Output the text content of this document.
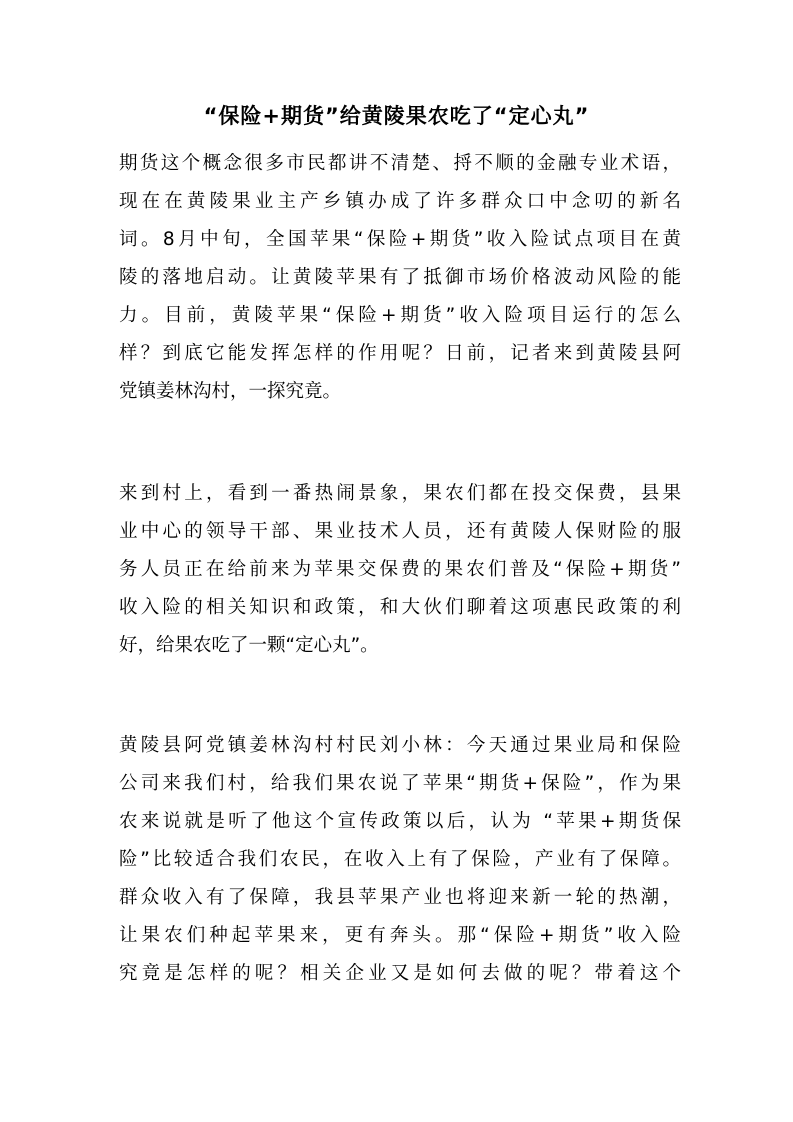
“保险+期货”给黄陵果农吃了“定心丸”
期货这个概念很多市民都讲不清楚、捋不顺的金融专业术语，
现在在黄陵果业主产乡镇办成了许多群众口中念叨的新名
词。8月中旬，全国苹果“保险+期货”收入险试点项目在黄
陵的落地启动。让黄陵苹果有了抵御市场价格波动风险的能
力。目前，黄陵苹果“保险+期货”收入险项目运行的怎么
样？到底它能发挥怎样的作用呢？日前，记者来到黄陵县阿
党镇姜林沟村，一探究竟。
来到村上，看到一番热闹景象，果农们都在投交保费，县果
业中心的领导干部、果业技术人员，还有黄陵人保财险的服
务人员正在给前来为苹果交保费的果农们普及“保险+期货”
收入险的相关知识和政策，和大伙们聊着这项惠民政策的利
好，给果农吃了一颗“定心丸”。
黄陵县阿党镇姜林沟村村民刘小林：今天通过果业局和保险
公司来我们村，给我们果农说了苹果“期货+保险”，作为果
农来说就是听了他这个宣传政策以后，认为 “苹果+期货保
险”比较适合我们农民，在收入上有了保险，产业有了保障。
群众收入有了保障，我县苹果产业也将迎来新一轮的热潮，
让果农们种起苹果来，更有奔头。那“保险+期货”收入险
究竟是怎样的呢？相关企业又是如何去做的呢？带着这个
